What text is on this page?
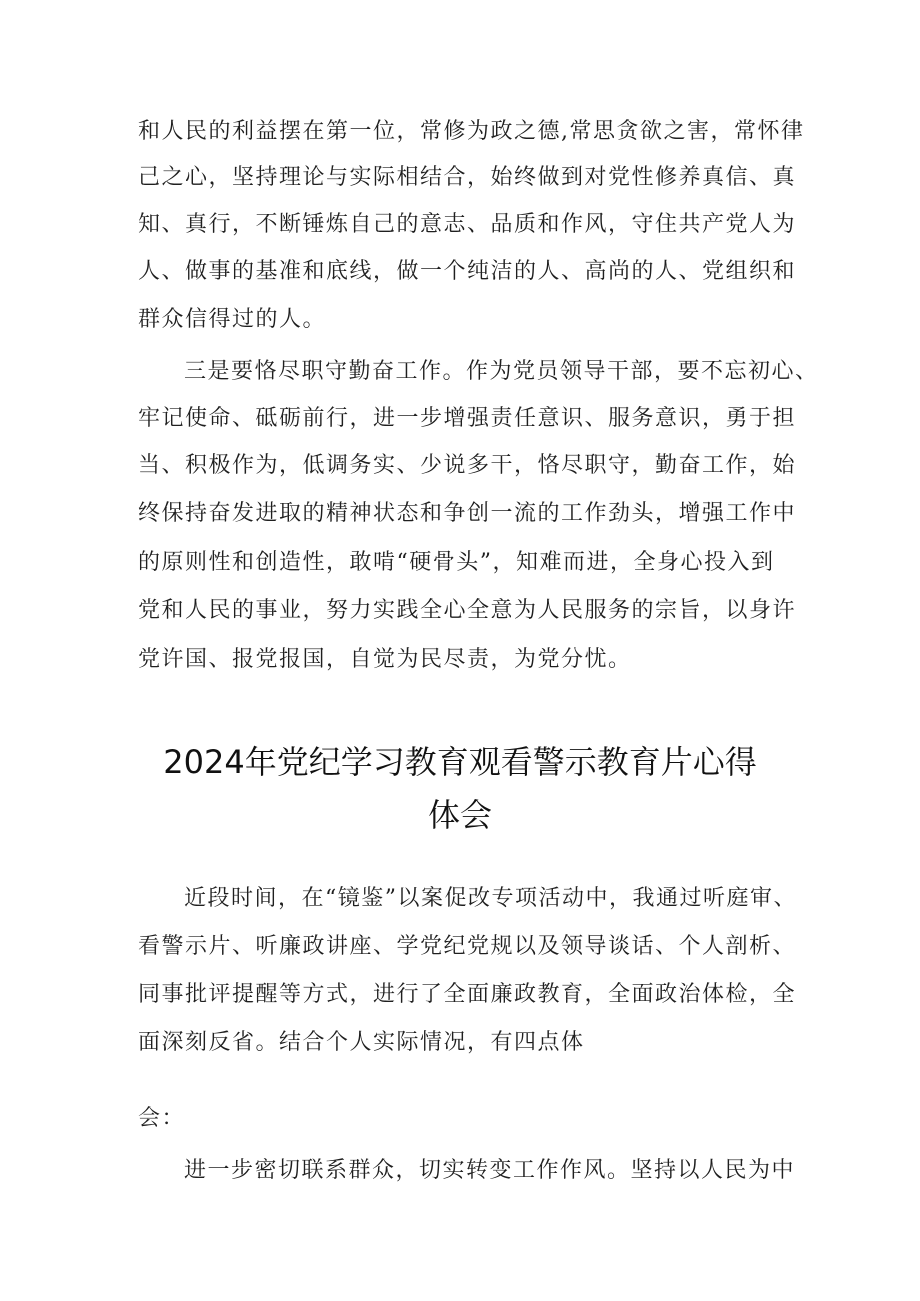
和人民的利益摆在第一位，常修为政之德,常思贪欲之害，常怀律
己之心，坚持理论与实际相结合，始终做到对党性修养真信、真
知、真行，不断锤炼自己的意志、品质和作风，守住共产党人为
人、做事的基准和底线，做一个纯洁的人、高尚的人、党组织和
群众信得过的人。
三是要恪尽职守勤奋工作。作为党员领导干部，要不忘初心、
牢记使命、砥砺前行，进一步增强责任意识、服务意识，勇于担
当、积极作为，低调务实、少说多干，恪尽职守，勤奋工作，始
终保持奋发进取的精神状态和争创一流的工作劲头，增强工作中
的原则性和创造性，敢啃“硬骨头”，知难而进，全身心投入到
党和人民的事业，努力实践全心全意为人民服务的宗旨，以身许
党许国、报党报国，自觉为民尽责，为党分忧。
2024年党纪学习教育观看警示教育片心得
体会
近段时间，在“镜鉴”以案促改专项活动中，我通过听庭审、
看警示片、听廉政讲座、学党纪党规以及领导谈话、个人剖析、
同事批评提醒等方式，进行了全面廉政教育，全面政治体检，全
面深刻反省。结合个人实际情况，有四点体
会：
进一步密切联系群众，切实转变工作作风。坚持以人民为中
